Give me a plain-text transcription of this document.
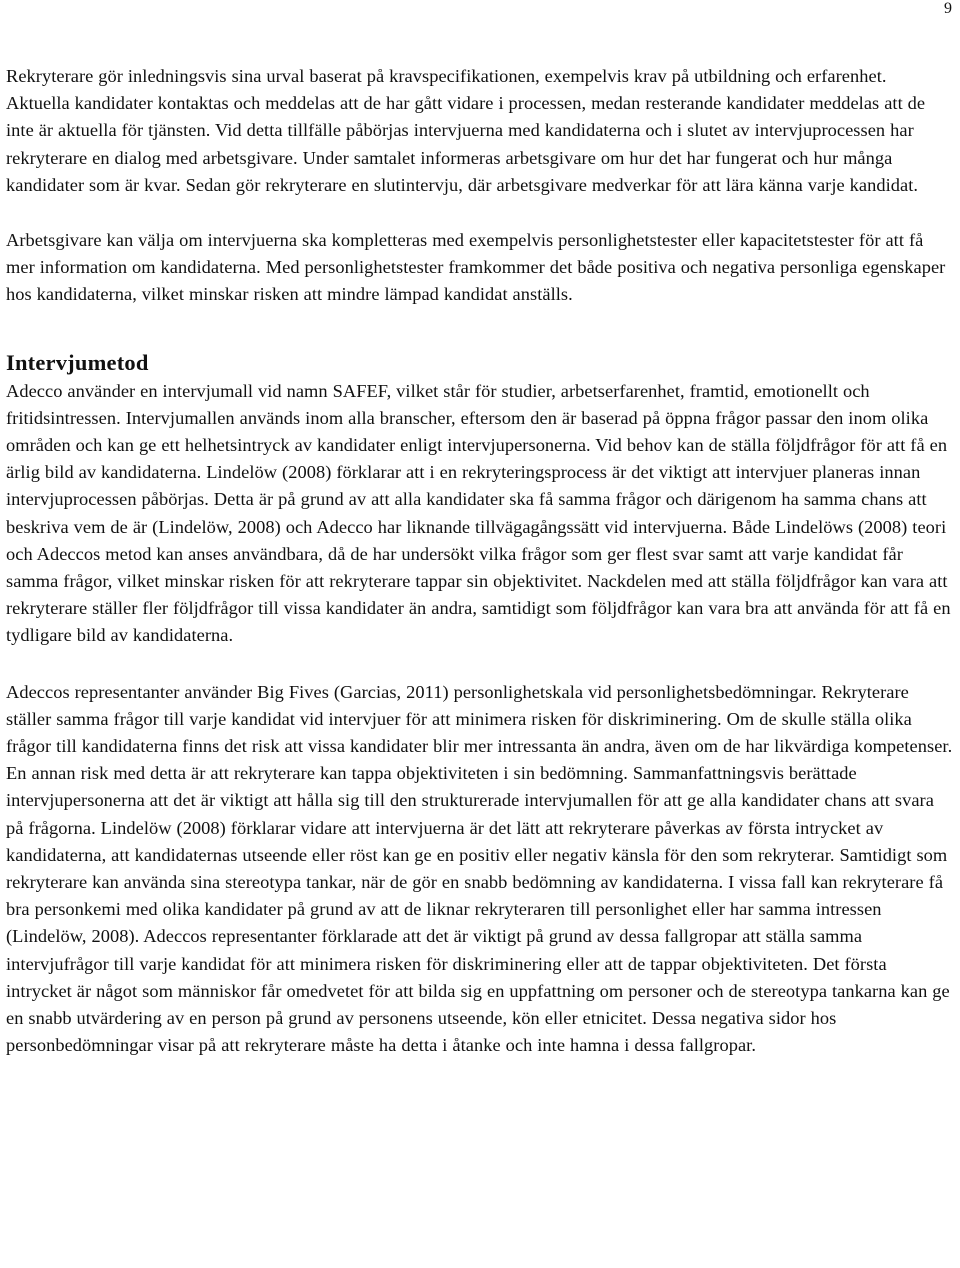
9

Rekryterare gör inledningsvis sina urval baserat på kravspecifikationen, exempelvis krav på utbildning och erfarenhet. Aktuella kandidater kontaktas och meddelas att de har gått vidare i processen, medan resterande kandidater meddelas att de inte är aktuella för tjänsten. Vid detta tillfälle påbörjas intervjuerna med kandidaterna och i slutet av intervjuprocessen har rekryterare en dialog med arbetsgivare. Under samtalet informeras arbetsgivare om hur det har fungerat och hur många kandidater som är kvar. Sedan gör rekryterare en slutintervju, där arbetsgivare medverkar för att lära känna varje kandidat.

Arbetsgivare kan välja om intervjuerna ska kompletteras med exempelvis personlighetstester eller kapacitetstester för att få mer information om kandidaterna. Med personlighetstester framkommer det både positiva och negativa personliga egenskaper hos kandidaterna, vilket minskar risken att mindre lämpad kandidat anställs.

Intervjumetod

Adecco använder en intervjumall vid namn SAFEF, vilket står för studier, arbetserfarenhet, framtid, emotionellt och fritidsintressen. Intervjumallen används inom alla branscher, eftersom den är baserad på öppna frågor passar den inom olika områden och kan ge ett helhetsintryck av kandidater enligt intervjupersonerna. Vid behov kan de ställa följdfrågor för att få en ärlig bild av kandidaterna. Lindelöw (2008) förklarar att i en rekryteringsprocess är det viktigt att intervjuer planeras innan intervjuprocessen påbörjas. Detta är på grund av att alla kandidater ska få samma frågor och därigenom ha samma chans att beskriva vem de är (Lindelöw, 2008) och Adecco har liknande tillvägagångssätt vid intervjuerna. Både Lindelöws (2008) teori och Adeccos metod kan anses användbara, då de har undersökt vilka frågor som ger flest svar samt att varje kandidat får samma frågor, vilket minskar risken för att rekryterare tappar sin objektivitet. Nackdelen med att ställa följdfrågor kan vara att rekryterare ställer fler följdfrågor till vissa kandidater än andra, samtidigt som följdfrågor kan vara bra att använda för att få en tydligare bild av kandidaterna.

Adeccos representanter använder Big Fives (Garcias, 2011) personlighetskala vid personlighetsbedömningar. Rekryterare ställer samma frågor till varje kandidat vid intervjuer för att minimera risken för diskriminering. Om de skulle ställa olika frågor till kandidaterna finns det risk att vissa kandidater blir mer intressanta än andra, även om de har likvärdiga kompetenser. En annan risk med detta är att rekryterare kan tappa objektiviteten i sin bedömning. Sammanfattningsvis berättade intervjupersonerna att det är viktigt att hålla sig till den strukturerade intervjumallen för att ge alla kandidater chans att svara på frågorna. Lindelöw (2008) förklarar vidare att intervjuerna är det lätt att rekryterare påverkas av första intrycket av kandidaterna, att kandidaternas utseende eller röst kan ge en positiv eller negativ känsla för den som rekryterar. Samtidigt som rekryterare kan använda sina stereotypa tankar, när de gör en snabb bedömning av kandidaterna. I vissa fall kan rekryterare få bra personkemi med olika kandidater på grund av att de liknar rekryteraren till personlighet eller har samma intressen (Lindelöw, 2008). Adeccos representanter förklarade att det är viktigt på grund av dessa fallgropar att ställa samma intervjufrågor till varje kandidat för att minimera risken för diskriminering eller att de tappar objektiviteten. Det första intrycket är något som människor får omedvetet för att bilda sig en uppfattning om personer och de stereotypa tankarna kan ge en snabb utvärdering av en person på grund av personens utseende, kön eller etnicitet. Dessa negativa sidor hos personbedömningar visar på att rekryterare måste ha detta i åtanke och inte hamna i dessa fallgropar.
